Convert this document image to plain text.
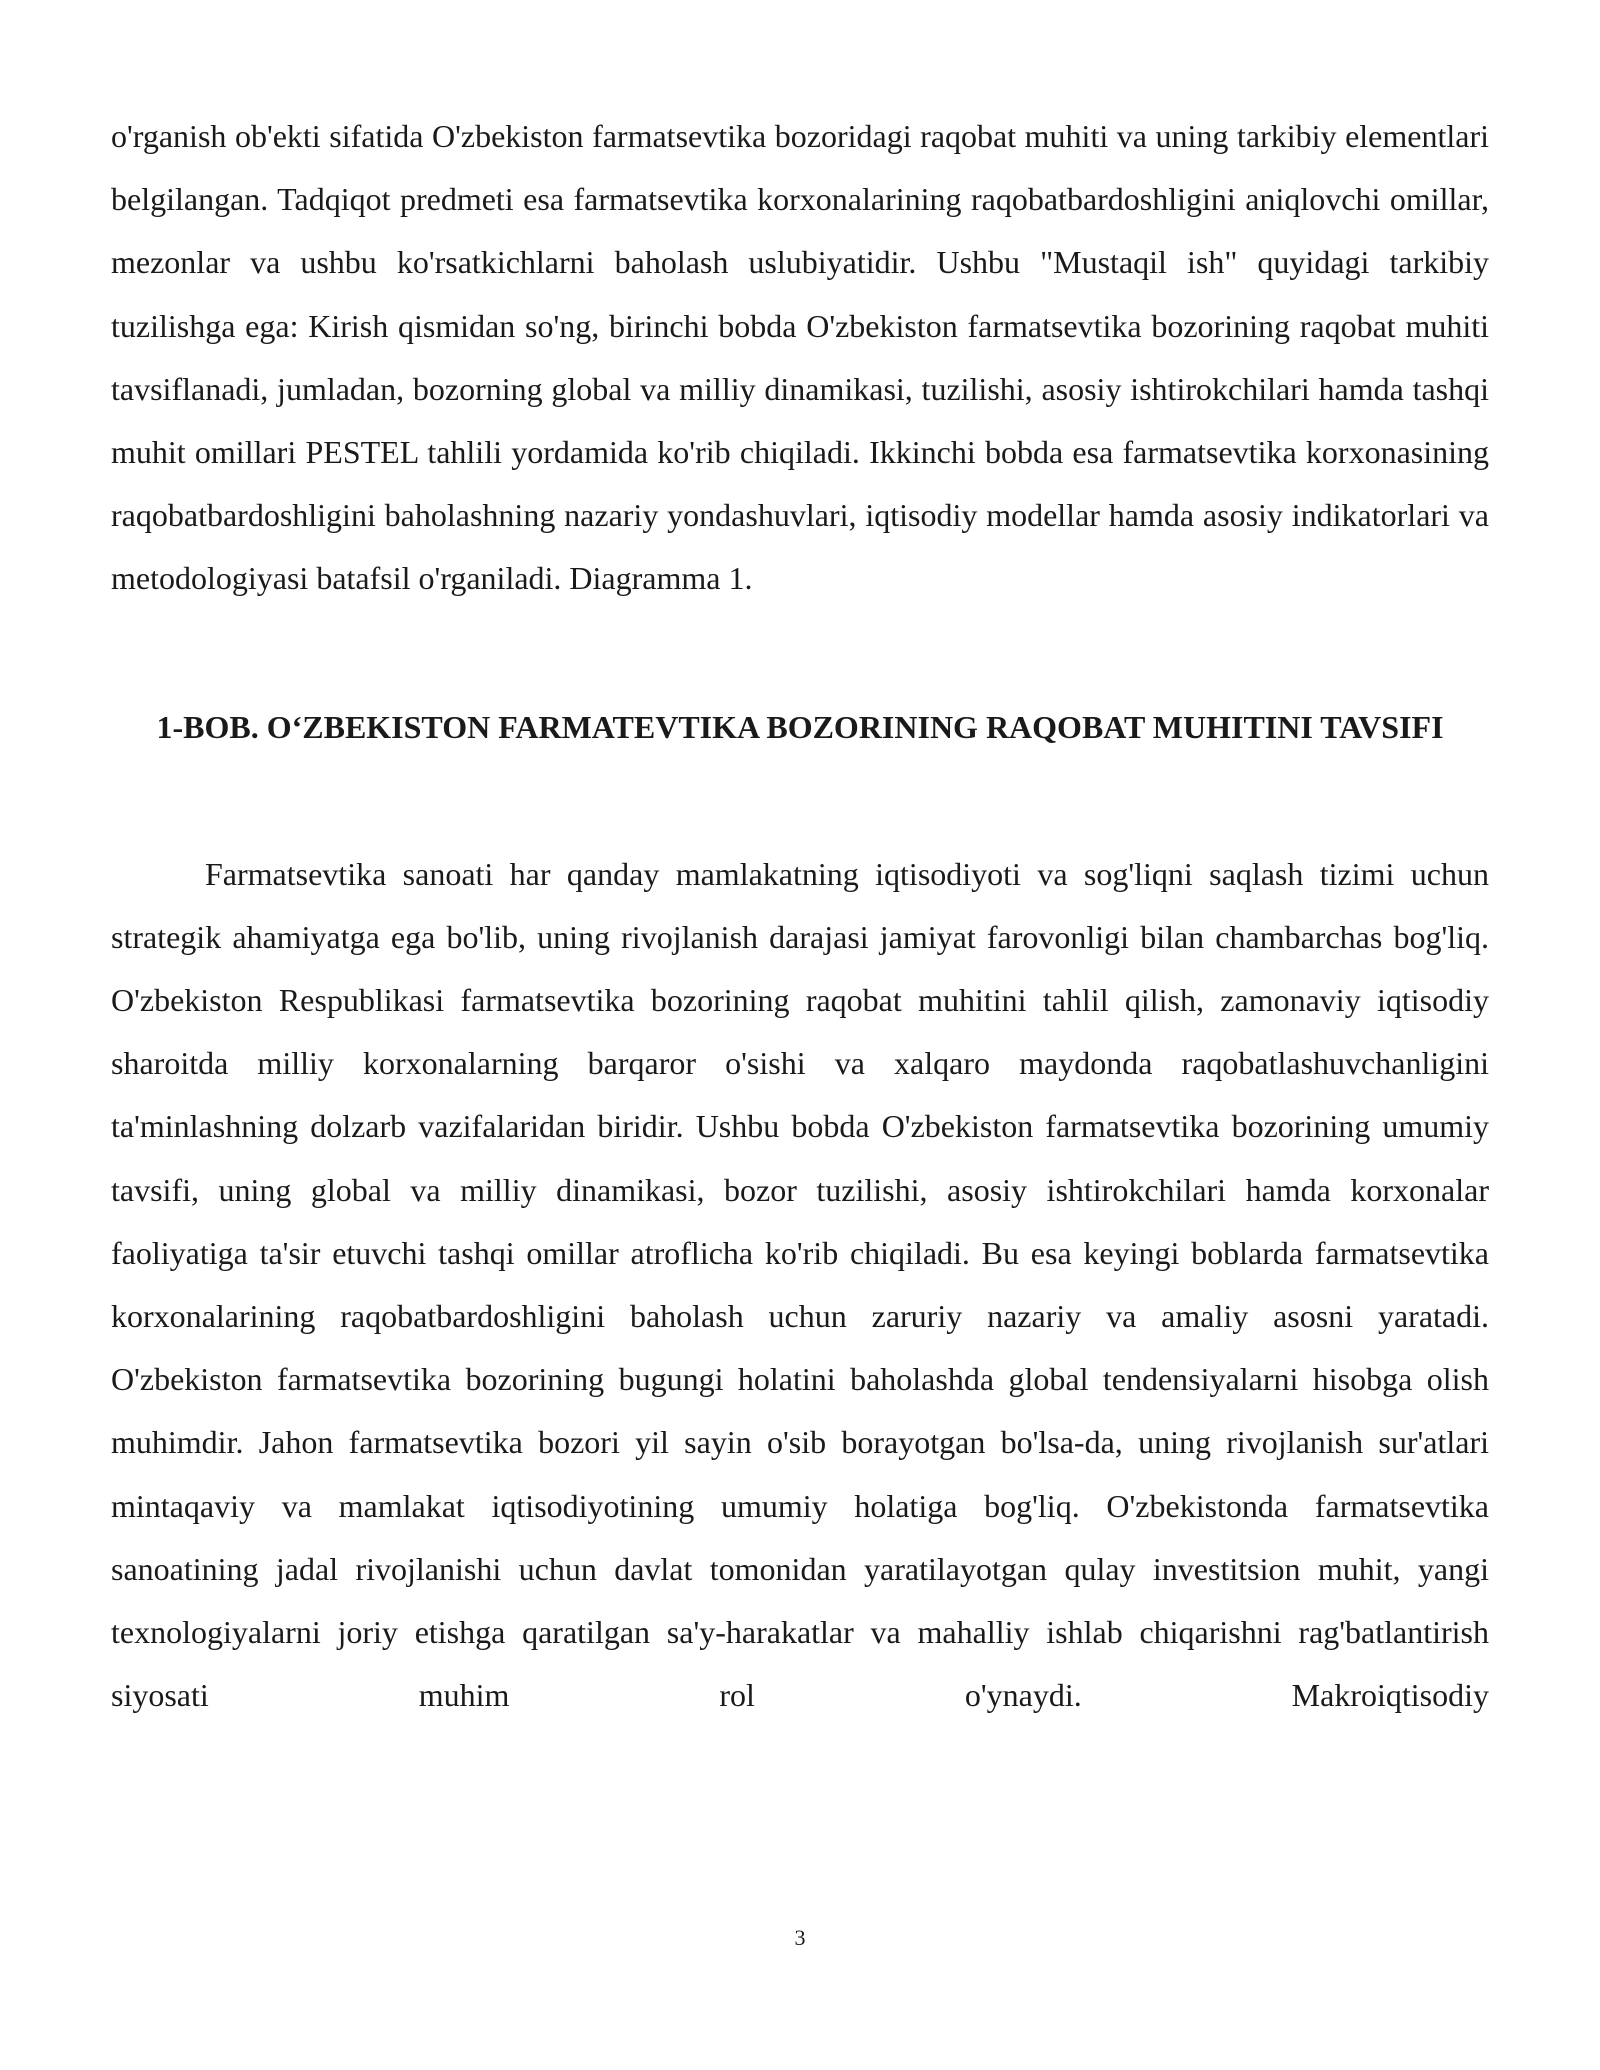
o'rganish ob'ekti sifatida O'zbekiston farmatsevtika bozoridagi raqobat muhiti va uning tarkibiy elementlari belgilangan. Tadqiqot predmeti esa farmatsevtika korxonalarining raqobatbardoshligini aniqlovchi omillar, mezonlar va ushbu ko'rsatkichlarni baholash uslubiyatidir. Ushbu "Mustaqil ish" quyidagi tarkibiy tuzilishga ega: Kirish qismidan so'ng, birinchi bobda O'zbekiston farmatsevtika bozorining raqobat muhiti tavsiflanadi, jumladan, bozorning global va milliy dinamikasi, tuzilishi, asosiy ishtirokchilari hamda tashqi muhit omillari PESTEL tahlili yordamida ko'rib chiqiladi. Ikkinchi bobda esa farmatsevtika korxonasining raqobatbardoshligini baholashning nazariy yondashuvlari, iqtisodiy modellar hamda asosiy indikatorlari va metodologiyasi batafsil o'rganiladi. Diagramma 1.

1-BOB. O‘ZBEKISTON FARMATEVTIKA BOZORINING RAQOBAT MUHITINI TAVSIFI

Farmatsevtika sanoati har qanday mamlakatning iqtisodiyoti va sog'liqni saqlash tizimi uchun strategik ahamiyatga ega bo'lib, uning rivojlanish darajasi jamiyat farovonligi bilan chambarchas bog'liq. O'zbekiston Respublikasi farmatsevtika bozorining raqobat muhitini tahlil qilish, zamonaviy iqtisodiy sharoitda milliy korxonalarning barqaror o'sishi va xalqaro maydonda raqobatlashuvchanligini ta'minlashning dolzarb vazifalaridan biridir. Ushbu bobda O'zbekiston farmatsevtika bozorining umumiy tavsifi, uning global va milliy dinamikasi, bozor tuzilishi, asosiy ishtirokchilari hamda korxonalar faoliyatiga ta'sir etuvchi tashqi omillar atroflicha ko'rib chiqiladi. Bu esa keyingi boblarda farmatsevtika korxonalarining raqobatbardoshligini baholash uchun zaruriy nazariy va amaliy asosni yaratadi. O'zbekiston farmatsevtika bozorining bugungi holatini baholashda global tendensiyalarni hisobga olish muhimdir. Jahon farmatsevtika bozori yil sayin o'sib borayotgan bo'lsa-da, uning rivojlanish sur'atlari mintaqaviy va mamlakat iqtisodiyotining umumiy holatiga bog'liq. O'zbekistonda farmatsevtika sanoatining jadal rivojlanishi uchun davlat tomonidan yaratilayotgan qulay investitsion muhit, yangi texnologiyalarni joriy etishga qaratilgan sa'y-harakatlar va mahalliy ishlab chiqarishni rag'batlantirish siyosati muhim rol o'ynaydi. Makroiqtisodiy

3
